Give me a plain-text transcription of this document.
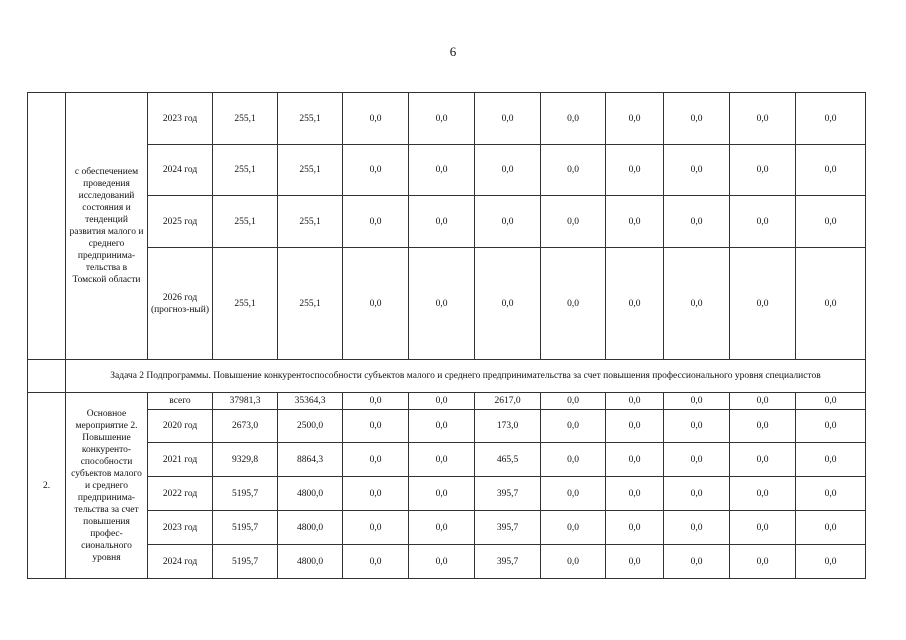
6
	с обеспечением проведения исследований состояния и тенденций развития малого и среднего предпринима-тельства в Томской области	2023 год	255,1	255,1	0,0	0,0	0,0	0,0	0,0	0,0	0,0	0,0
		2024 год	255,1	255,1	0,0	0,0	0,0	0,0	0,0	0,0	0,0	0,0
		2025 год	255,1	255,1	0,0	0,0	0,0	0,0	0,0	0,0	0,0	0,0
		2026 год (прогноз-ный)	255,1	255,1	0,0	0,0	0,0	0,0	0,0	0,0	0,0	0,0
	Задача 2 Подпрограммы. Повышение конкурентоспособности субъектов малого и среднего предпринимательства за счет повышения профессионального уровня специалистов											
2.	Основное мероприятие 2. Повышение конкуренто-способности субъектов малого и среднего предпринима-тельства за счет повышения профес-сионального уровня	всего	37981,3	35364,3	0,0	0,0	2617,0	0,0	0,0	0,0	0,0	0,0
		2020 год	2673,0	2500,0	0,0	0,0	173,0	0,0	0,0	0,0	0,0	0,0
		2021 год	9329,8	8864,3	0,0	0,0	465,5	0,0	0,0	0,0	0,0	0,0
		2022 год	5195,7	4800,0	0,0	0,0	395,7	0,0	0,0	0,0	0,0	0,0
		2023 год	5195,7	4800,0	0,0	0,0	395,7	0,0	0,0	0,0	0,0	0,0
		2024 год	5195,7	4800,0	0,0	0,0	395,7	0,0	0,0	0,0	0,0	0,0
